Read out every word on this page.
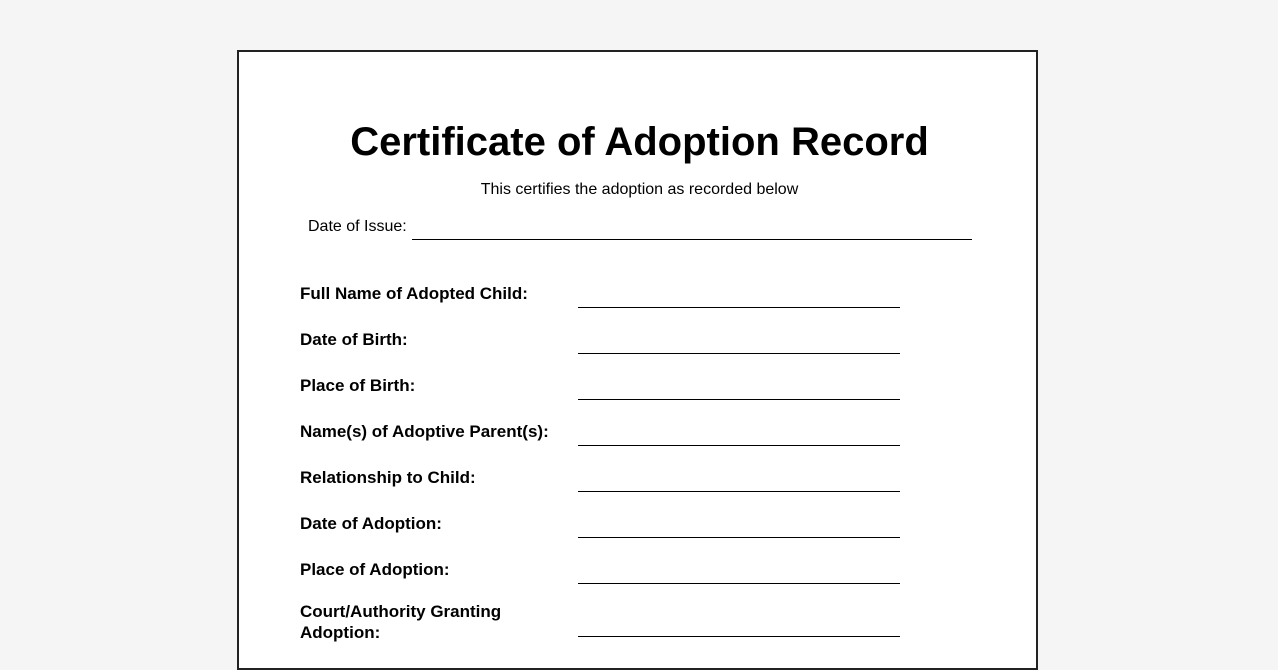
Certificate of Adoption Record
This certifies the adoption as recorded below
Date of Issue:
Full Name of Adopted Child:
Date of Birth:
Place of Birth:
Name(s) of Adoptive Parent(s):
Relationship to Child:
Date of Adoption:
Place of Adoption:
Court/Authority Granting Adoption:
